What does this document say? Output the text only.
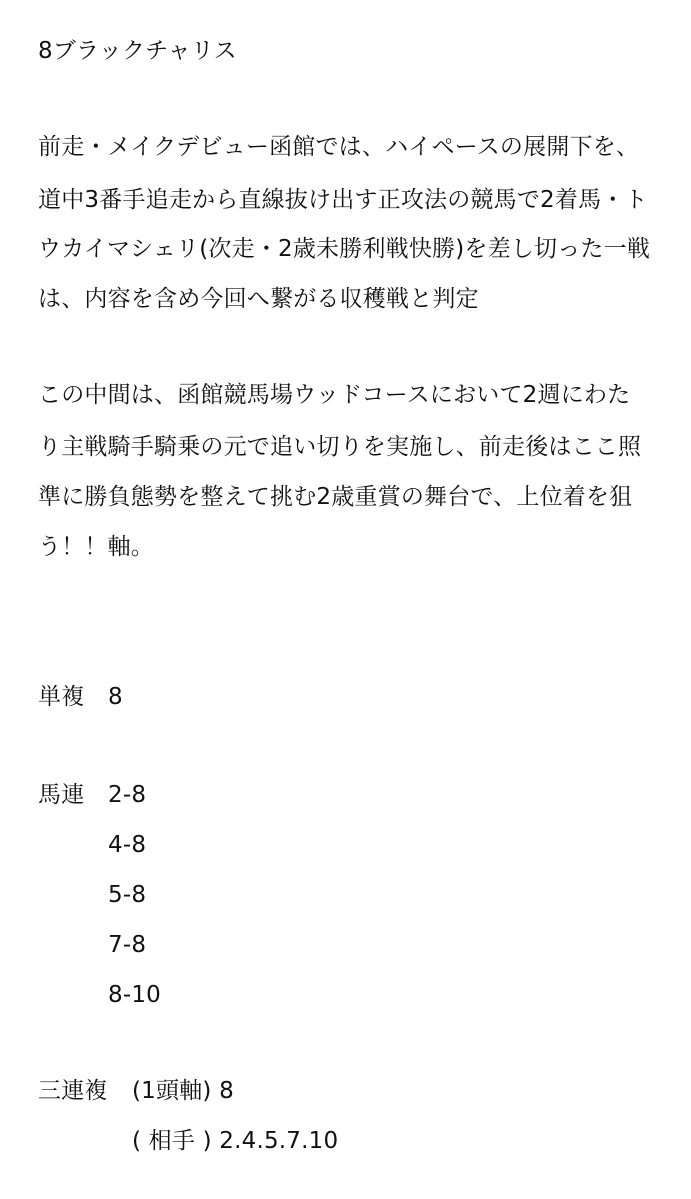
8ブラックチャリス
前走・メイクデビュー函館では、ハイペースの展開下を、
道中3番手追走から直線抜け出す正攻法の競馬で2着馬・ト
ウカイマシェリ(次走・2歳未勝利戦快勝)を差し切った一戦
は、内容を含め今回へ繋がる収穫戦と判定
この中間は、函館競馬場ウッドコースにおいて2週にわた
り主戦騎手騎乗の元で追い切りを実施し、前走後はここ照
準に勝負態勢を整えて挑む2歳重賞の舞台で、上位着を狙
う！！軸。
単複 8
馬連 2-8
4-8
5-8
7-8
8-10
三連複 (1頭軸) 8
( 相手 ) 2.4.5.7.10
